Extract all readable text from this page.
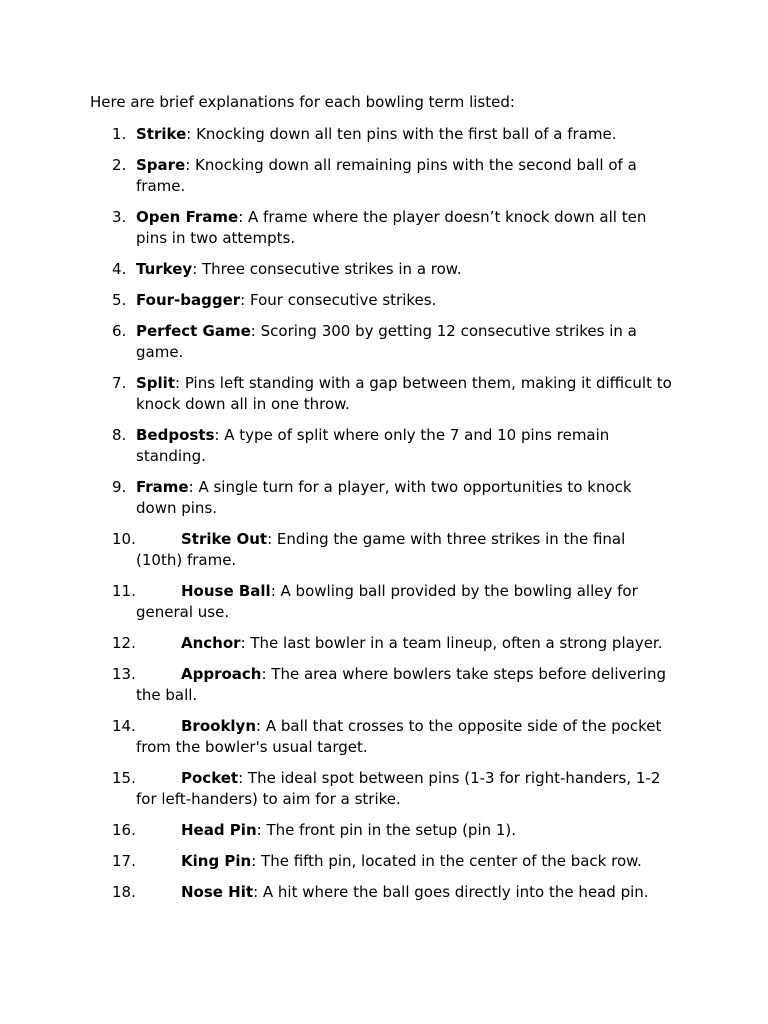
Here are brief explanations for each bowling term listed:

1. Strike: Knocking down all ten pins with the first ball of a frame.
2. Spare: Knocking down all remaining pins with the second ball of a frame.
3. Open Frame: A frame where the player doesn’t knock down all ten pins in two attempts.
4. Turkey: Three consecutive strikes in a row.
5. Four-bagger: Four consecutive strikes.
6. Perfect Game: Scoring 300 by getting 12 consecutive strikes in a game.
7. Split: Pins left standing with a gap between them, making it difficult to knock down all in one throw.
8. Bedposts: A type of split where only the 7 and 10 pins remain standing.
9. Frame: A single turn for a player, with two opportunities to knock down pins.
10.	Strike Out: Ending the game with three strikes in the final (10th) frame.
11.	House Ball: A bowling ball provided by the bowling alley for general use.
12.	Anchor: The last bowler in a team lineup, often a strong player.
13.	Approach: The area where bowlers take steps before delivering the ball.
14.	Brooklyn: A ball that crosses to the opposite side of the pocket from the bowler's usual target.
15.	Pocket: The ideal spot between pins (1-3 for right-handers, 1-2 for left-handers) to aim for a strike.
16.	Head Pin: The front pin in the setup (pin 1).
17.	King Pin: The fifth pin, located in the center of the back row.
18.	Nose Hit: A hit where the ball goes directly into the head pin.
